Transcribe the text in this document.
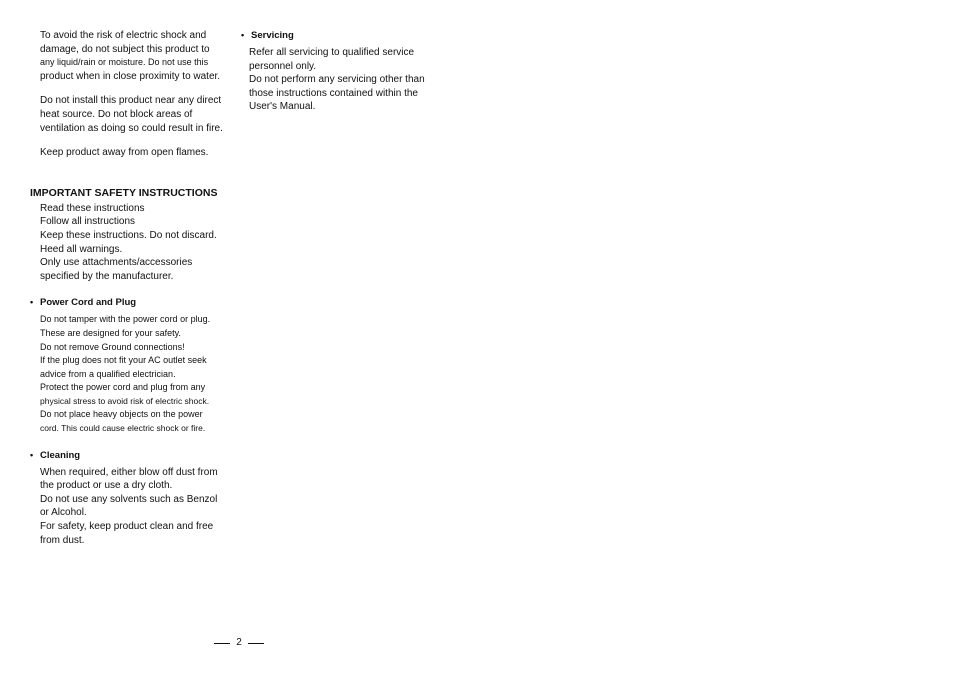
To avoid the risk of electric shock and
damage, do not subject this product to
any liquid/rain or moisture. Do not use this
product when in close proximity to water.
Do not install this product near any direct
heat source. Do not block areas of
ventilation as doing so could result in fire.
Keep product away from open flames.
IMPORTANT SAFETY INSTRUCTIONS
Read these instructions
Follow all instructions
Keep these instructions. Do not discard.
Heed all warnings.
Only use attachments/accessories
specified by the manufacturer.
• Power Cord and Plug
Do not tamper with the power cord or plug.
These are designed for your safety.
Do not remove Ground connections!
If the plug does not fit your AC outlet seek
advice from a qualified electrician.
Protect the power cord and plug from any
physical stress to avoid risk of electric shock.
Do not place heavy objects on the power
cord. This could cause electric shock or fire.
• Cleaning
When required, either blow off dust from
the product or use a dry cloth.
Do not use any solvents such as Benzol
or Alcohol.
For safety, keep product clean and free
from dust.
• Servicing
Refer all servicing to qualified service
personnel only.
Do not perform any servicing other than
those instructions contained within the
User's Manual.
2
